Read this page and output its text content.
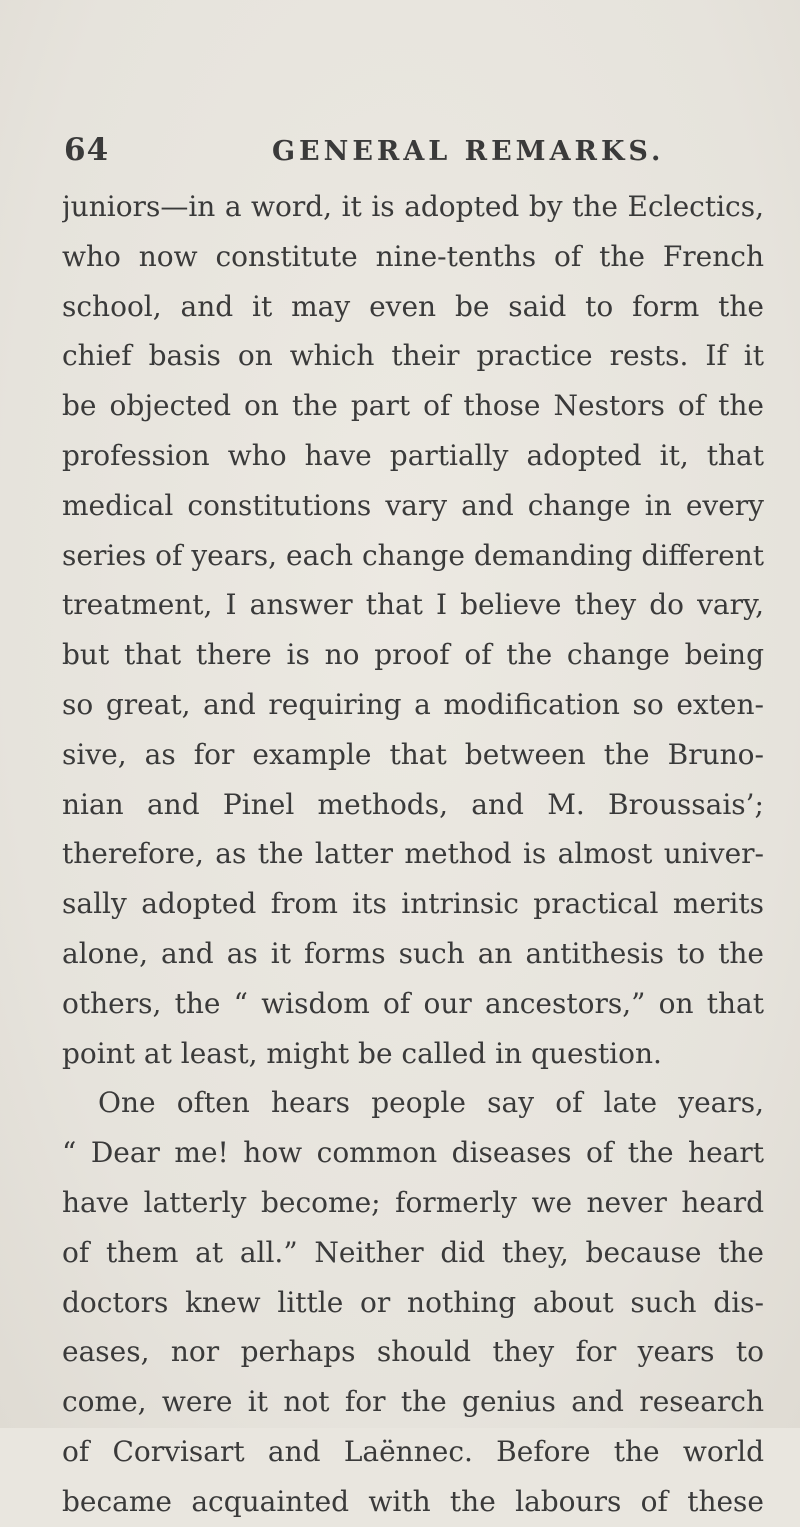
64	GENERAL REMARKS.
juniors—in a word, it is adopted by the Eclectics,
who now constitute nine-tenths of the French
school, and it may even be said to form the
chief basis on which their practice rests. If it
be objected on the part of those Nestors of the
profession who have partially adopted it, that
medical constitutions vary and change in every
series of years, each change demanding different
treatment, I answer that I believe they do vary,
but that there is no proof of the change being
so great, and requiring a modification so exten-
sive, as for example that between the Bruno-
nian and Pinel methods, and M. Broussais’;
therefore, as the latter method is almost univer-
sally adopted from its intrinsic practical merits
alone, and as it forms such an antithesis to the
others, the “ wisdom of our ancestors,” on that
point at least, might be called in question.
One often hears people say of late years,
“ Dear me! how common diseases of the heart
have latterly become; formerly we never heard
of them at all.” Neither did they, because the
doctors knew little or nothing about such dis-
eases, nor perhaps should they for years to
come, were it not for the genius and research
of Corvisart and Laënnec. Before the world
became acquainted with the labours of these
